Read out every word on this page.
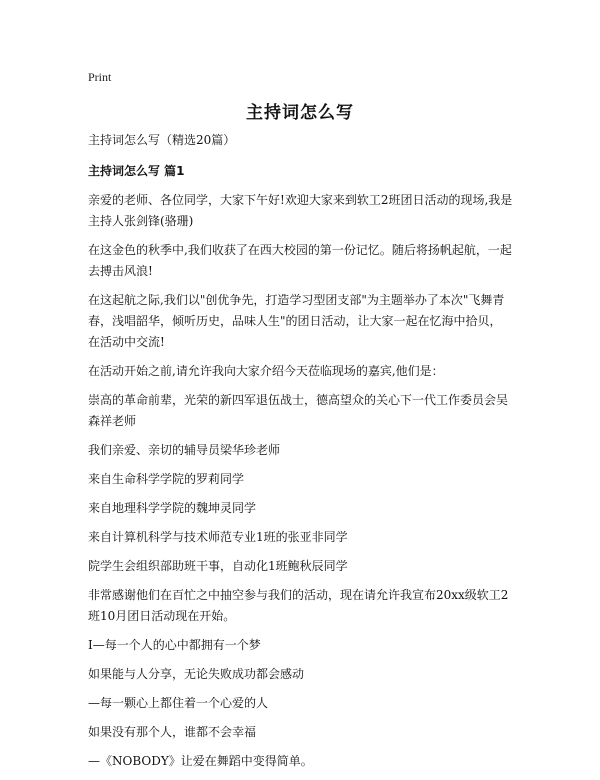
Print
主持词怎么写

主持词怎么写（精选20篇）

主持词怎么写 篇1

亲爱的老师、各位同学，大家下午好!欢迎大家来到软工2班团日活动的现场,我是主持人张剑锋(骆珊)

在这金色的秋季中,我们收获了在西大校园的第一份记忆。随后将扬帆起航，一起去搏击风浪!

在这起航之际,我们以"创优争先，打造学习型团支部"为主题举办了本次"飞舞青春，浅唱韶华，倾听历史，品味人生"的团日活动，让大家一起在忆海中拾贝，在活动中交流!

在活动开始之前,请允许我向大家介绍今天莅临现场的嘉宾,他们是：

崇高的革命前辈，光荣的新四军退伍战士，德高望众的关心下一代工作委员会吴森祥老师

我们亲爱、亲切的辅导员梁华珍老师

来自生命科学学院的罗莉同学

来自地理科学学院的魏坤灵同学

来自计算机科学与技术师范专业1班的张亚非同学

院学生会组织部助班干事，自动化1班鲍秋辰同学

非常感谢他们在百忙之中抽空参与我们的活动，现在请允许我宣布20xx级软工2班10月团日活动现在开始。

I—每一个人的心中都拥有一个梦

如果能与人分享，无论失败成功都会感动

—每一颗心上都住着一个心爱的人

如果没有那个人，谁都不会幸福

—《NOBODY》让爱在舞蹈中变得简单。
